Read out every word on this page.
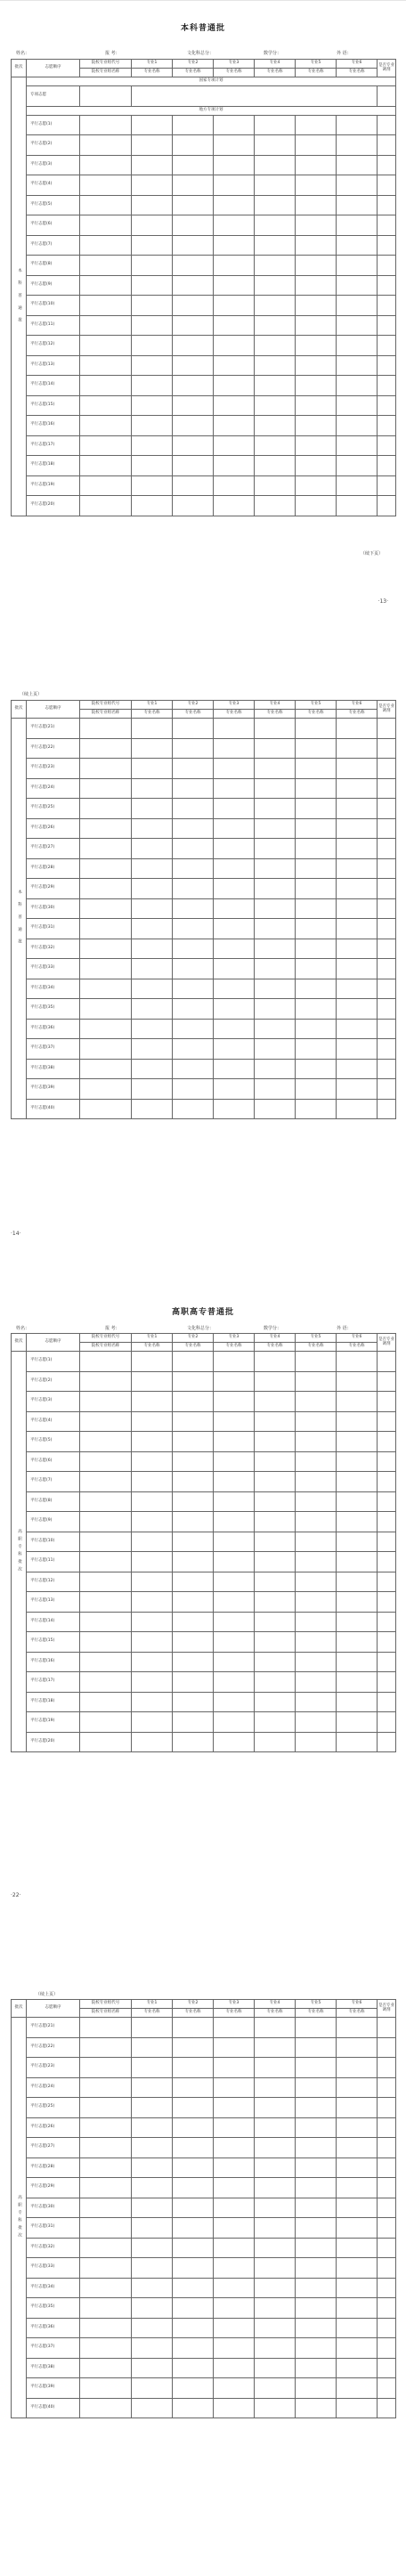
本科普通批
姓名：	报 考：	文化科总分：	数学分：	外 语：
批次	志愿顺序	院校专业组代号	专业1	专业2	专业3	专业4	专业5	专业6	是否专业调剂	
		院校专业组名称	专业名称	专业名称	专业名称	专业名称	专业名称	专业名称		
本 科 普 通 批	国家专项计划									
	专项志愿									
	地方专项计划									
	平行志愿(1)									
	平行志愿(2)									
	平行志愿(3)									
	平行志愿(4)									
	平行志愿(5)									
	平行志愿(6)									
	平行志愿(7)									
	平行志愿(8)									
	平行志愿(9)									
	平行志愿(10)									
	平行志愿(11)									
	平行志愿(12)									
	平行志愿(13)									
	平行志愿(14)									
	平行志愿(15)									
	平行志愿(16)									
	平行志愿(17)									
	平行志愿(18)									
	平行志愿(19)									
	平行志愿(20)									
（续下页）
·13·
（续上页）
批次	志愿顺序	院校专业组代号	专业1	专业2	专业3	专业4	专业5	专业6	是否专业调剂
		院校专业组名称	专业名称	专业名称	专业名称	专业名称	专业名称	专业名称	
本 科 普 通 批	平行志愿(21)								
	平行志愿(22)								
	平行志愿(23)								
	平行志愿(24)								
	平行志愿(25)								
	平行志愿(26)								
	平行志愿(27)								
	平行志愿(28)								
	平行志愿(29)								
	平行志愿(30)								
	平行志愿(31)								
	平行志愿(32)								
	平行志愿(33)								
	平行志愿(34)								
	平行志愿(35)								
	平行志愿(36)								
	平行志愿(37)								
	平行志愿(38)								
	平行志愿(39)								
	平行志愿(40)								
·14·
高职高专普通批
姓名：	报 考：	文化科总分：	数学分：	外 语：
批次	志愿顺序	院校专业组代号	专业1	专业2	专业3	专业4	专业5	专业6	是否专业调剂
		院校专业组名称	专业名称	专业名称	专业名称	专业名称	专业名称	专业名称	
高职专科批次	平行志愿(1)								
	平行志愿(2)								
	平行志愿(3)								
	平行志愿(4)								
	平行志愿(5)								
	平行志愿(6)								
	平行志愿(7)								
	平行志愿(8)								
	平行志愿(9)								
	平行志愿(10)								
	平行志愿(11)								
	平行志愿(12)								
	平行志愿(13)								
	平行志愿(14)								
	平行志愿(15)								
	平行志愿(16)								
	平行志愿(17)								
	平行志愿(18)								
	平行志愿(19)								
	平行志愿(20)								
·22·
（续上页）
批次	志愿顺序	院校专业组代号	专业1	专业2	专业3	专业4	专业5	专业6	是否专业调剂
		院校专业组名称	专业名称	专业名称	专业名称	专业名称	专业名称	专业名称	
高职专科批次	平行志愿(21)								
	平行志愿(22)								
	平行志愿(23)								
	平行志愿(24)								
	平行志愿(25)								
	平行志愿(26)								
	平行志愿(27)								
	平行志愿(28)								
	平行志愿(29)								
	平行志愿(30)								
	平行志愿(31)								
	平行志愿(32)								
	平行志愿(33)								
	平行志愿(34)								
	平行志愿(35)								
	平行志愿(36)								
	平行志愿(37)								
	平行志愿(38)								
	平行志愿(39)								
	平行志愿(40)								
